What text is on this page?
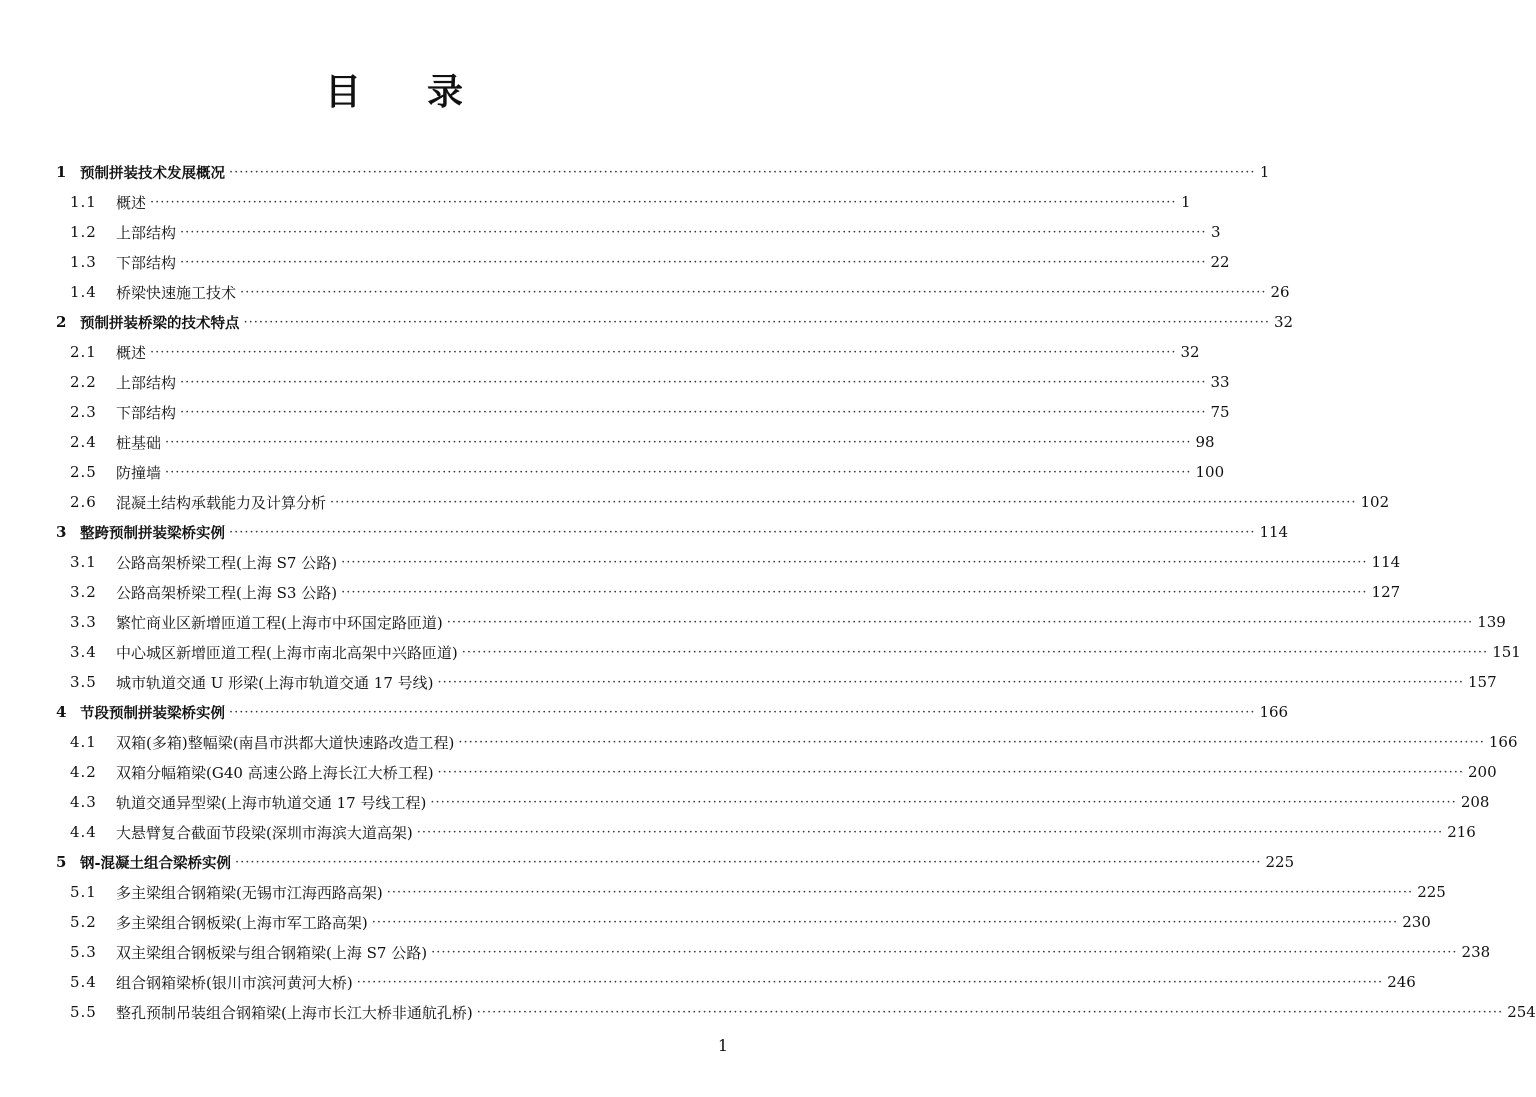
目 录
1 预制拼装技术发展概况 ········································································································································································································ 1
1.1	概述 ········································································································································································································ 1
1.2	上部结构 ········································································································································································································ 3
1.3	下部结构 ········································································································································································································ 22
1.4	桥梁快速施工技术 ········································································································································································································ 26
2 预制拼装桥梁的技术特点 ········································································································································································································ 32
2.1	概述 ········································································································································································································ 32
2.2	上部结构 ········································································································································································································ 33
2.3	下部结构 ········································································································································································································ 75
2.4	桩基础 ········································································································································································································ 98
2.5	防撞墙 ········································································································································································································ 100
2.6	混凝土结构承载能力及计算分析 ········································································································································································································ 102
3 整跨预制拼装梁桥实例 ········································································································································································································ 114
3.1	公路高架桥梁工程(上海 S7 公路) ········································································································································································································ 114
3.2	公路高架桥梁工程(上海 S3 公路) ········································································································································································································ 127
3.3	繁忙商业区新增匝道工程(上海市中环国定路匝道) ········································································································································································································ 139
3.4	中心城区新增匝道工程(上海市南北高架中兴路匝道) ········································································································································································································ 151
3.5	城市轨道交通 U 形梁(上海市轨道交通 17 号线) ········································································································································································································ 157
4 节段预制拼装梁桥实例 ········································································································································································································ 166
4.1	双箱(多箱)整幅梁(南昌市洪都大道快速路改造工程) ········································································································································································································ 166
4.2	双箱分幅箱梁(G40 高速公路上海长江大桥工程) ········································································································································································································ 200
4.3	轨道交通异型梁(上海市轨道交通 17 号线工程) ········································································································································································································ 208
4.4	大悬臂复合截面节段梁(深圳市海滨大道高架) ········································································································································································································ 216
5 钢-混凝土组合梁桥实例 ········································································································································································································ 225
5.1	多主梁组合钢箱梁(无锡市江海西路高架) ········································································································································································································ 225
5.2	多主梁组合钢板梁(上海市军工路高架) ········································································································································································································ 230
5.3	双主梁组合钢板梁与组合钢箱梁(上海 S7 公路) ········································································································································································································ 238
5.4	组合钢箱梁桥(银川市滨河黄河大桥) ········································································································································································································ 246
5.5	整孔预制吊装组合钢箱梁(上海市长江大桥非通航孔桥) ········································································································································································································ 254
1
